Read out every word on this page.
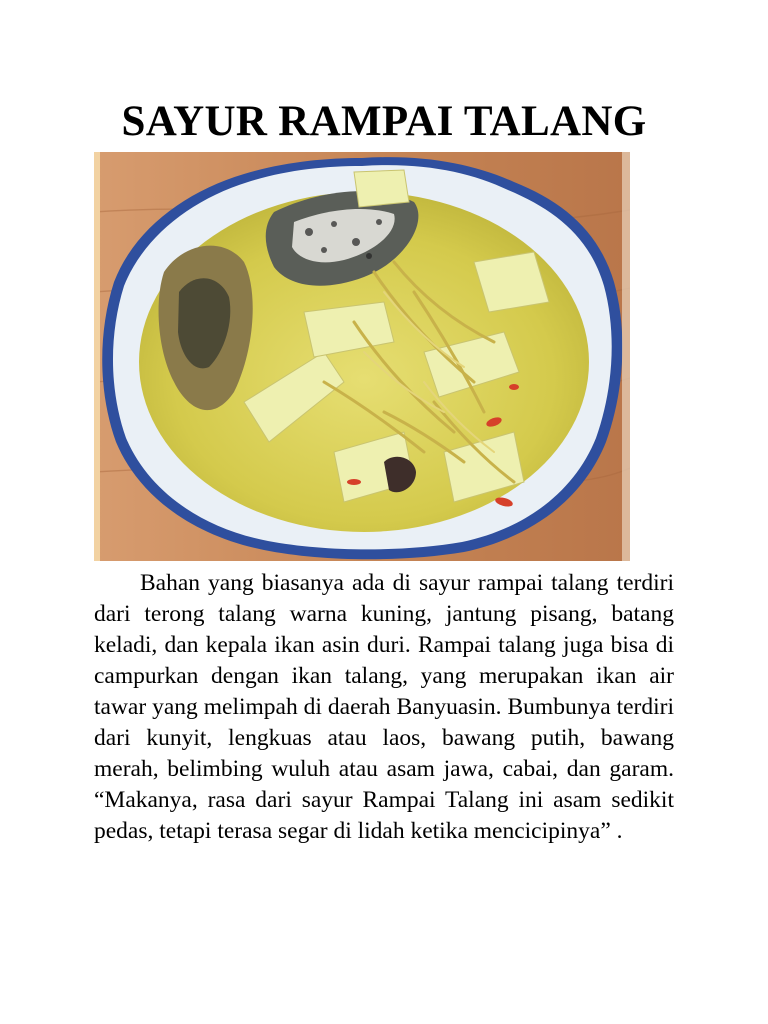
SAYUR RAMPAI TALANG

Bahan yang biasanya ada di sayur rampai talang terdiri dari terong talang warna kuning, jantung pisang, batang keladi, dan kepala ikan asin duri. Rampai talang juga bisa di campurkan dengan ikan talang, yang merupakan ikan air tawar yang melimpah di daerah Banyuasin. Bumbunya terdiri dari kunyit, lengkuas atau laos, bawang putih, bawang merah, belimbing wuluh atau asam jawa, cabai, dan garam. “Makanya, rasa dari sayur Rampai Talang ini asam sedikit pedas, tetapi terasa segar di lidah ketika mencicipinya” .
